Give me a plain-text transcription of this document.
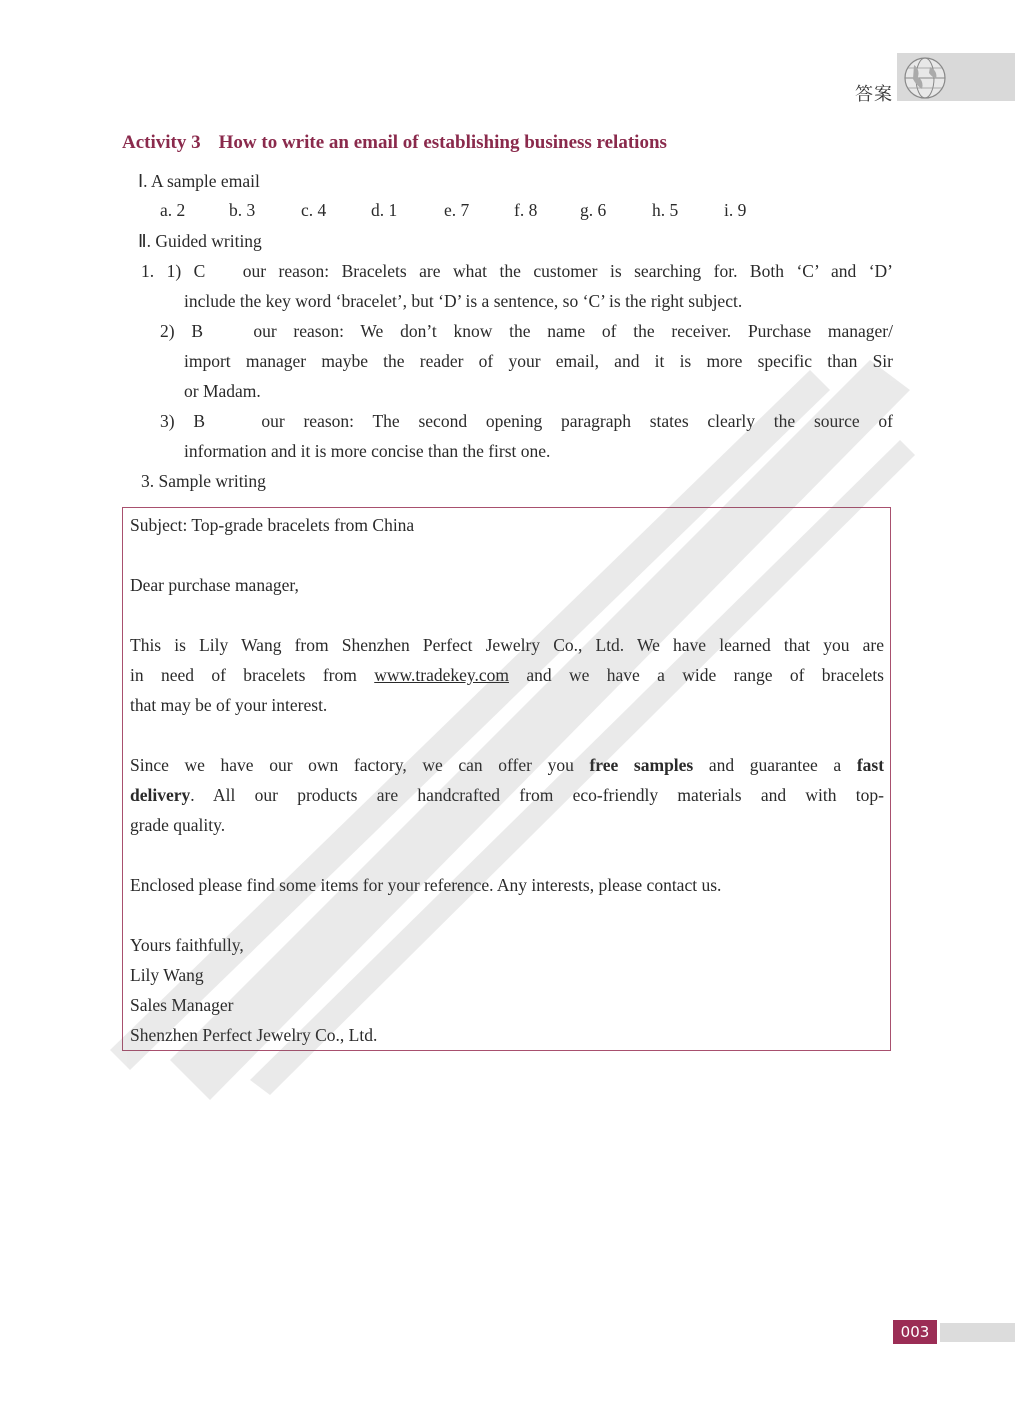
答案
Activity 3 How to write an email of establishing business relations
Ⅰ. A sample email
a. 2 b. 3	c. 4	d. 1	e. 7	f. 8 g. 6	h. 5	i. 9
Ⅱ. Guided writing
1. 1) C   our reason: Bracelets are what the customer is searching for. Both ‘C’ and ‘D’
include the key word ‘bracelet’, but ‘D’ is a sentence, so ‘C’ is the right subject.
2) B   our reason: We don’t know the name of the receiver. Purchase manager/
import manager maybe the reader of your email, and it is more specific than Sir
or Madam.
3) B   our reason: The second opening paragraph states clearly the source of
information and it is more concise than the first one.
3. Sample writing
Subject: Top-grade bracelets from China
Dear purchase manager,
This is Lily Wang from Shenzhen Perfect Jewelry Co., Ltd. We have learned that you are
in need of bracelets from www.tradekey.com and we have a wide range of bracelets
that may be of your interest.
Since we have our own factory, we can offer you free samples and guarantee a fast
delivery. All our products are handcrafted from eco-friendly materials and with top-
grade quality.
Enclosed please find some items for your reference. Any interests, please contact us.
Yours faithfully,
Lily Wang
Sales Manager
Shenzhen Perfect Jewelry Co., Ltd.
003
